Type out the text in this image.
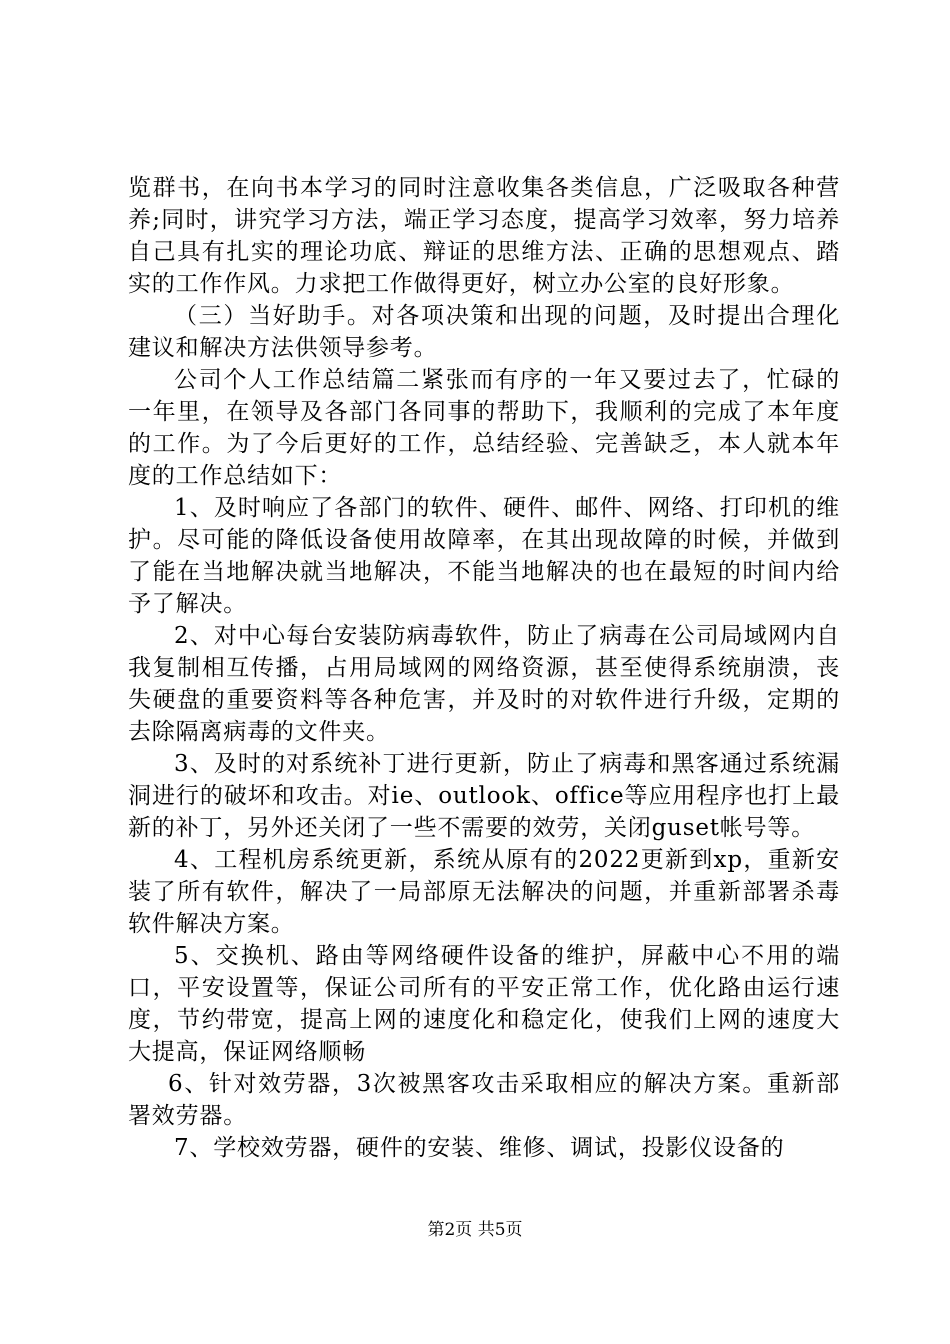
览群书，在向书本学习的同时注意收集各类信息，广泛吸取各种营养;同时，讲究学习方法，端正学习态度，提高学习效率，努力培养自己具有扎实的理论功底、辩证的思维方法、正确的思想观点、踏实的工作作风。力求把工作做得更好，树立办公室的良好形象。

（三）当好助手。对各项决策和出现的问题，及时提出合理化建议和解决方法供领导参考。

公司个人工作总结篇二紧张而有序的一年又要过去了，忙碌的一年里，在领导及各部门各同事的帮助下，我顺利的完成了本年度的工作。为了今后更好的工作，总结经验、完善缺乏，本人就本年度的工作总结如下：

1、及时响应了各部门的软件、硬件、邮件、网络、打印机的维护。尽可能的降低设备使用故障率，在其出现故障的时候，并做到了能在当地解决就当地解决，不能当地解决的也在最短的时间内给予了解决。

2、对中心每台安装防病毒软件，防止了病毒在公司局域网内自我复制相互传播，占用局域网的网络资源，甚至使得系统崩溃，丧失硬盘的重要资料等各种危害，并及时的对软件进行升级，定期的去除隔离病毒的文件夹。

3、及时的对系统补丁进行更新，防止了病毒和黑客通过系统漏洞进行的破坏和攻击。对ie、outlook、office等应用程序也打上最新的补丁，另外还关闭了一些不需要的效劳，关闭guset帐号等。

4、工程机房系统更新，系统从原有的2022更新到xp，重新安装了所有软件，解决了一局部原无法解决的问题，并重新部署杀毒软件解决方案。

5、交换机、路由等网络硬件设备的维护，屏蔽中心不用的端口，平安设置等，保证公司所有的平安正常工作，优化路由运行速度，节约带宽，提高上网的速度化和稳定化，使我们上网的速度大大提高，保证网络顺畅

6、针对效劳器，3次被黑客攻击采取相应的解决方案。重新部署效劳器。

7、学校效劳器，硬件的安装、维修、调试，投影仪设备的

第2页 共5页
